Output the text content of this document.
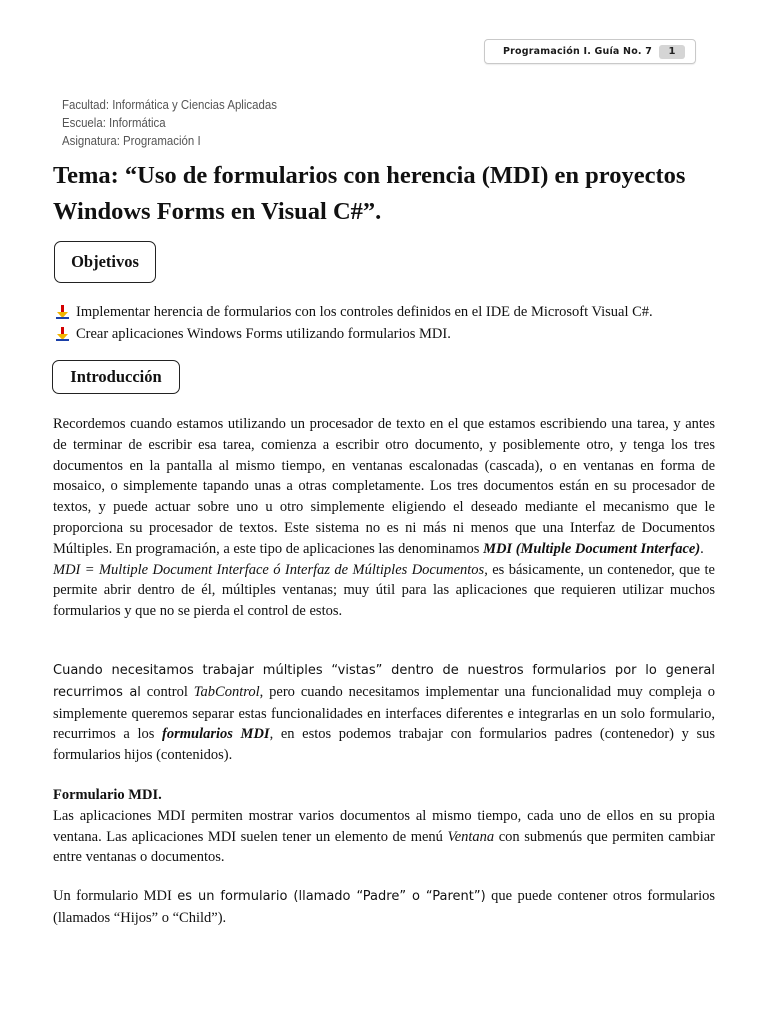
Programación I. Guía No. 7	1
Facultad: Informática y Ciencias Aplicadas
Escuela: Informática
Asignatura: Programación I
Tema: “Uso de formularios con herencia (MDI) en proyectos Windows Forms en Visual C#”.
Objetivos
Implementar herencia de formularios con los controles definidos en el IDE de Microsoft Visual C#.
Crear aplicaciones Windows Forms utilizando formularios MDI.
Introducción

Recordemos cuando estamos utilizando un procesador de texto en el que estamos escribiendo una tarea, y antes de terminar de escribir esa tarea, comienza a escribir otro documento, y posiblemente otro, y tenga los tres documentos en la pantalla al mismo tiempo, en ventanas escalonadas (cascada), o en ventanas en forma de mosaico, o simplemente tapando unas a otras completamente. Los tres documentos están en su procesador de textos, y puede actuar sobre uno u otro simplemente eligiendo el deseado mediante el mecanismo que le proporciona su procesador de textos. Este sistema no es ni más ni menos que una Interfaz de Documentos Múltiples. En programación, a este tipo de aplicaciones las denominamos MDI (Multiple Document Interface).

MDI = Multiple Document Interface ó Interfaz de Múltiples Documentos, es básicamente, un contenedor, que te permite abrir dentro de él, múltiples ventanas; muy útil para las aplicaciones que requieren utilizar muchos formularios y que no se pierda el control de estos.

Cuando necesitamos trabajar múltiples “vistas” dentro de nuestros formularios por lo general recurrimos al control TabControl, pero cuando necesitamos implementar una funcionalidad muy compleja o simplemente queremos separar estas funcionalidades en interfaces diferentes e integrarlas en un solo formulario, recurrimos a los formularios MDI, en estos podemos trabajar con formularios padres (contenedor) y sus formularios hijos (contenidos).

Formulario MDI.

Las aplicaciones MDI permiten mostrar varios documentos al mismo tiempo, cada uno de ellos en su propia ventana. Las aplicaciones MDI suelen tener un elemento de menú Ventana con submenús que permiten cambiar entre ventanas o documentos.

Un formulario MDI es un formulario (llamado “Padre” o “Parent”) que puede contener otros formularios (llamados “Hijos” o “Child”).
